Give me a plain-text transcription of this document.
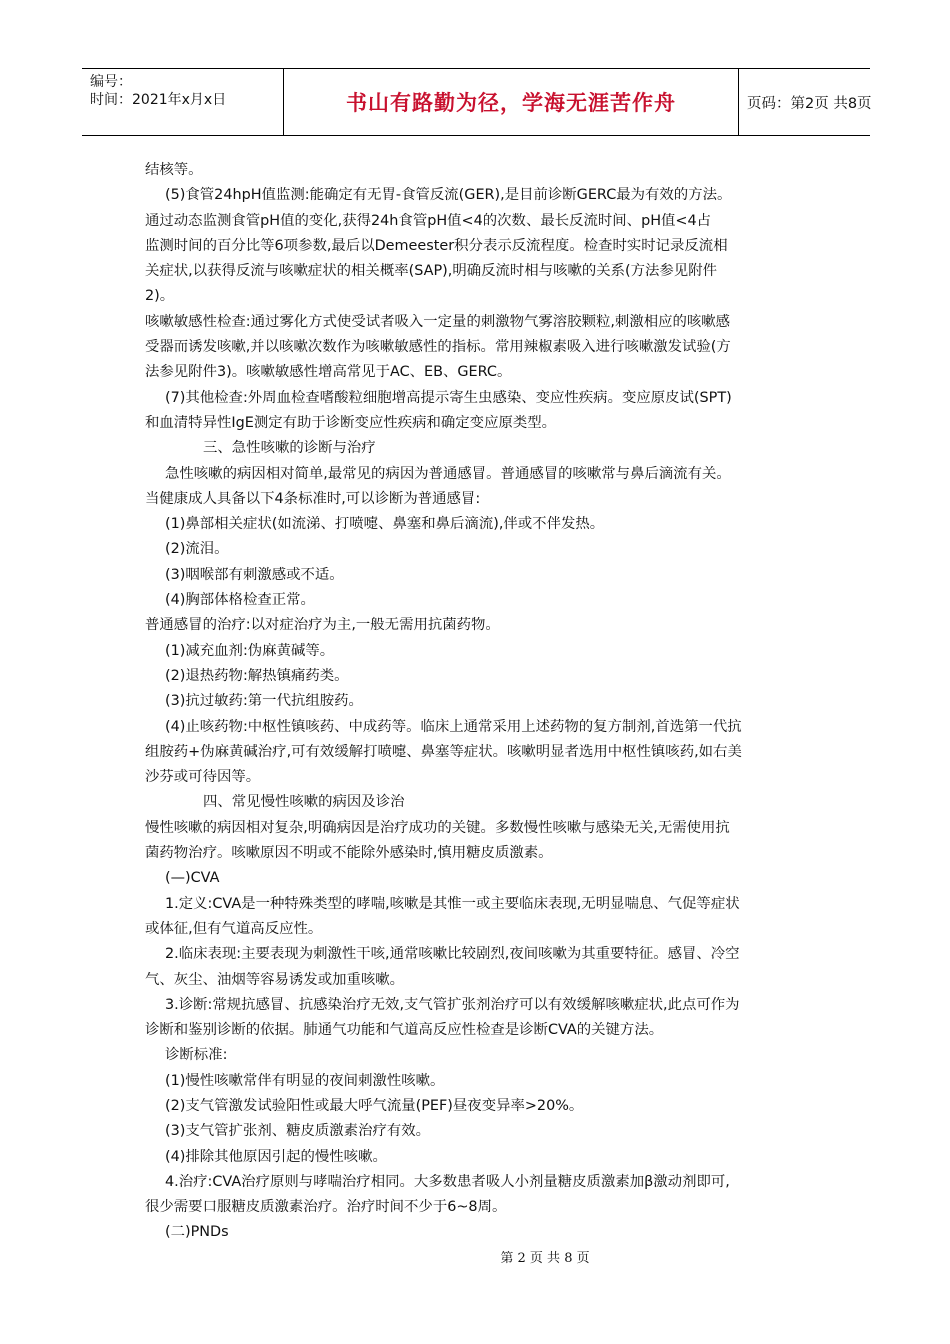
编号：
时间：2021年x月x日	书山有路勤为径，学海无涯苦作舟	页码：第2页 共8页
结核等。
(5)食管24hpH值监测:能确定有无胃-食管反流(GER),是目前诊断GERC最为有效的方法。
通过动态监测食管pH值的变化,获得24h食管pH值<4的次数、最长反流时间、pH值<4占
监测时间的百分比等6项参数,最后以Demeester积分表示反流程度。检查时实时记录反流相
关症状,以获得反流与咳嗽症状的相关概率(SAP),明确反流时相与咳嗽的关系(方法参见附件
2)。
咳嗽敏感性检查:通过雾化方式使受试者吸入一定量的刺激物气雾溶胶颗粒,刺激相应的咳嗽感
受器而诱发咳嗽,并以咳嗽次数作为咳嗽敏感性的指标。常用辣椒素吸入进行咳嗽激发试验(方
法参见附件3)。咳嗽敏感性增高常见于AC、EB、GERC。
(7)其他检查:外周血检查嗜酸粒细胞增高提示寄生虫感染、变应性疾病。变应原皮试(SPT)
和血清特异性IgE测定有助于诊断变应性疾病和确定变应原类型。
三、急性咳嗽的诊断与治疗
急性咳嗽的病因相对简单,最常见的病因为普通感冒。普通感冒的咳嗽常与鼻后滴流有关。
当健康成人具备以下4条标准时,可以诊断为普通感冒:
(1)鼻部相关症状(如流涕、打喷嚏、鼻塞和鼻后滴流),伴或不伴发热。
(2)流泪。
(3)咽喉部有刺激感或不适。
(4)胸部体格检查正常。
普通感冒的治疗:以对症治疗为主,一般无需用抗菌药物。
(1)减充血剂:伪麻黄碱等。
(2)退热药物:解热镇痛药类。
(3)抗过敏药:第一代抗组胺药。
(4)止咳药物:中枢性镇咳药、中成药等。临床上通常采用上述药物的复方制剂,首选第一代抗
组胺药+伪麻黄碱治疗,可有效缓解打喷嚏、鼻塞等症状。咳嗽明显者选用中枢性镇咳药,如右美
沙芬或可待因等。
四、常见慢性咳嗽的病因及诊治
慢性咳嗽的病因相对复杂,明确病因是治疗成功的关键。多数慢性咳嗽与感染无关,无需使用抗
菌药物治疗。咳嗽原因不明或不能除外感染时,慎用糖皮质激素。
(—)CVA
1.定义:CVA是一种特殊类型的哮喘,咳嗽是其惟一或主要临床表现,无明显喘息、气促等症状
或体征,但有气道高反应性。
2.临床表现:主要表现为刺激性干咳,通常咳嗽比较剧烈,夜间咳嗽为其重要特征。感冒、冷空
气、灰尘、油烟等容易诱发或加重咳嗽。
3.诊断:常规抗感冒、抗感染治疗无效,支气管扩张剂治疗可以有效缓解咳嗽症状,此点可作为
诊断和鉴别诊断的依据。肺通气功能和气道高反应性检查是诊断CVA的关键方法。
诊断标准:
(1)慢性咳嗽常伴有明显的夜间刺激性咳嗽。
(2)支气管激发试验阳性或最大呼气流量(PEF)昼夜变异率>20%。
(3)支气管扩张剂、糖皮质激素治疗有效。
(4)排除其他原因引起的慢性咳嗽。
4.治疗:CVA治疗原则与哮喘治疗相同。大多数患者吸人小剂量糖皮质激素加β激动剂即可,
很少需要口服糖皮质激素治疗。治疗时间不少于6~8周。
(二)PNDs
第 2 页 共 8 页
